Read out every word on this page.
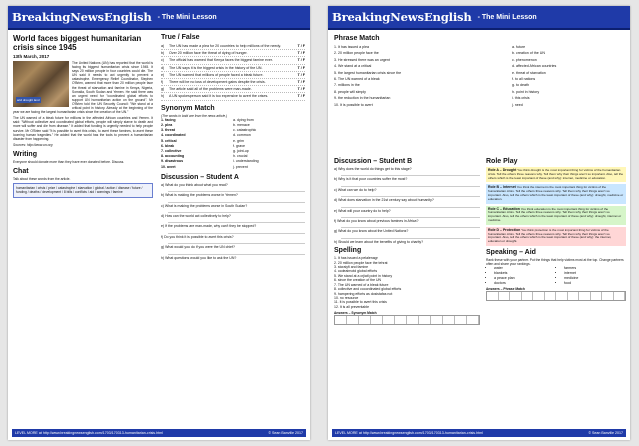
BreakingNewsEnglish - The Mini Lesson

World faces biggest humanitarian crisis since 1945

13th March, 2017

arid drought land

The United Nations (UN) has reported that the world is facing its biggest humanitarian crisis since 1945. It says 20 million people in four countries could die. The UN said it needs to act urgently to prevent a catastrophe. Emergency Relief Coordinator, Stephen O'Brien, warned that more than 20 million people face the threat of starvation and famine in Kenya, Nigeria, Somalia, South Sudan and Yemen. He said there was an urgent need for "coordinated global efforts to support UN humanitarian action on the ground". Mr O'Brien told the UN Security Council: "We stand at a critical point in history. Already at the beginning of the year we are facing the largest humanitarian crisis since the creation of the UN."

The UN warned of a bleak future for millions in the affected African countries and Yemen. It said: "Without collective and coordinated global efforts, people will simply starve to death and more will suffer and die from disease." It added that funding is urgently needed to help people survive. Mr O'Brien said "It is possible to avert this crisis, to avert these famines, to avert these looming human tragedies." He added that the world has the tools to prevent a humanitarian disaster from happening.

Sources: http://www.un.org

Writing

Everyone should donate more than they have ever donated before. Discuss.

Chat

Talk about these words from the article.

humanitarian / crisis / prize / catastrophe / starvation / global / action / disease / future / funding / deaths / development / 8 bills / conflicts / aid / warnings / famine
True / False
a)	The UN has made a plea for 20 countries to help millions of the needy.	T / F
b)	Over 20 million face the threat of dying of hunger.	T / F
c)	The official has warned that Kenya faces the biggest famine ever.	T / F
d)	The UN says it is the biggest crisis in the history of the UN.	T / F
e)	The UN warned that millions of people faced a bleak future.	T / F
f)	There will be no loss of development gains despite the crisis.	T / F
g)	The article said all of the problems were man-made.	T / F
h)	A UN spokesperson said it is too expensive to avert the crises.	T / F
Synonym Match
(The words in bold are from the news article.)
1. facing
2. plea
3. threat
4. coordinated
5. critical
6. bleak
7. collective
8. accounting
9. disastrous
10. avert
a. dying from
b. menace
c. catastrophic
d. common
e. grim
f. grave
g. joint-up
h. crucial
i. understanding
j. prevent
Discussion – Student A
a) What do you think about what you read?
b) What is making the problems worse in Yemen?
c) What is making the problems worse in South Sudan?
d) How can the world act collectively to help?
e) If the problems are man-made, why can't they be stopped?
f) Do you think it is possible to avert this crisis?
g) What would you do if you were the UN chief?
h) What questions would you like to ask the UN?
LEVEL MORE at http://www.breakingnewsenglish.com/1703/170313-humanitarian-crisis.html	© Sean Banville 2017
BreakingNewsEnglish - The Mini Lesson
Phrase Match
1. It has issued a plea
2. 20 million people face the
3. He stressed there was an urgent
4. We stand at a critical
5. the largest humanitarian crisis since the
6. The UN warned of a bleak
7. millions in the
8. people will simply
9. the reduction in the humanitarian
10. It is possible to avert
a. future
b. creation of the UN
c. phenomenon
d. affected African countries
e. threat of starvation
f. to all nations
g. to death
h. point in history
i. this crisis
j. need
Discussion – Student B
a) Why does the world do things get to this stage?
b) Why is it that poor countries suffer the most?
c) What can we do to help?
d) What does starvation in the 21st century say about humanity?
e) What will your country do to help?
f) What do you know about previous famines in Africa?
g) What do you know about the United Nations?
h) Should we learn about the benefits of giving to charity?
Spelling
1. It has issued a pelalenagr
2. 20 million people face the tehrat
3. stcraiyfi and famine
4. ocdeairnotd global efforts
5. We stand at a crjiatl point in history
6. since the creation of the UN
7. The UN warned of a bleak future
8. collective and cooordinated global efforts
9. hampering efforts as dosistafas not
10. no resource
11. It is possible to avert this crisis
12. It is all preventable
Answers – Synonym Match
Role Play
Role A – Drought You think drought is the most important thing for victims of the humanitarian crisis. Tell the others three reasons why. Tell them why their things aren't so important. Also, tell the others which is the least important of these (and why): internet, medicine or education.
Role B – Internet You think the internet is the most important thing for victims of the humanitarian crisis. Tell the others three reasons why. Tell them why their things aren't so important. Also, tell the others which is the least important of these (and why): drought, medicine or education.
Role C – Education You think education is the most important thing for victims of the humanitarian crisis. Tell the others three reasons why. Tell them why their things aren't so important. Also, tell the others which is the least important of these (and why): drought, internet or medicine.
Role D – Protection You think protection is the most important thing for victims of the humanitarian crisis. Tell the others three reasons why. Tell them why their things aren't so important. Also, tell the others which is the least important of these (and why): the internet, education or drought.
Speaking – Aid
Rank these with your partner. Put the things that help victims most at the top. Change partners often and share your rankings.
• water
• blankets
• a peace plan
• doctors
• farmers
• internet
• medicine
• food
Answers – Phrase Match
LEVEL MORE at http://www.breakingnewsenglish.com/1703/170313-humanitarian-crisis.html	© Sean Banville 2017
